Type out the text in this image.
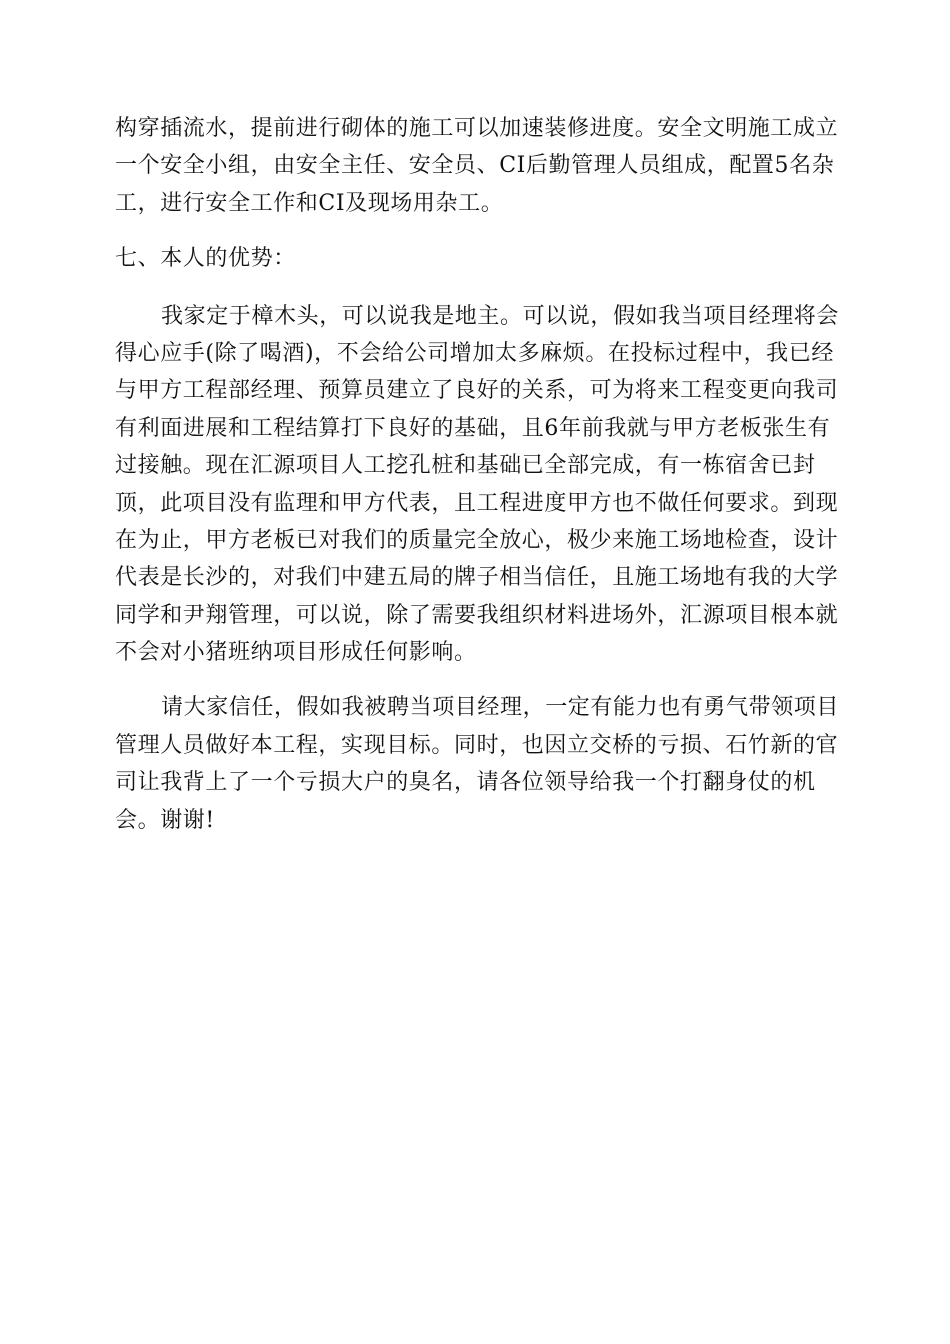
构穿插流水，提前进行砌体的施工可以加速装修进度。安全文明施工成立
一个安全小组，由安全主任、安全员、CI后勤管理人员组成，配置5名杂
工，进行安全工作和CI及现场用杂工。
七、本人的优势：
我家定于樟木头，可以说我是地主。可以说，假如我当项目经理将会
得心应手(除了喝酒)，不会给公司增加太多麻烦。在投标过程中，我已经
与甲方工程部经理、预算员建立了良好的关系，可为将来工程变更向我司
有利面进展和工程结算打下良好的基础，且6年前我就与甲方老板张生有
过接触。现在汇源项目人工挖孔桩和基础已全部完成，有一栋宿舍已封
顶，此项目没有监理和甲方代表，且工程进度甲方也不做任何要求。到现
在为止，甲方老板已对我们的质量完全放心，极少来施工场地检查，设计
代表是长沙的，对我们中建五局的牌子相当信任，且施工场地有我的大学
同学和尹翔管理，可以说，除了需要我组织材料进场外，汇源项目根本就
不会对小猪班纳项目形成任何影响。
请大家信任，假如我被聘当项目经理，一定有能力也有勇气带领项目
管理人员做好本工程，实现目标。同时，也因立交桥的亏损、石竹新的官
司让我背上了一个亏损大户的臭名，请各位领导给我一个打翻身仗的机
会。谢谢!
